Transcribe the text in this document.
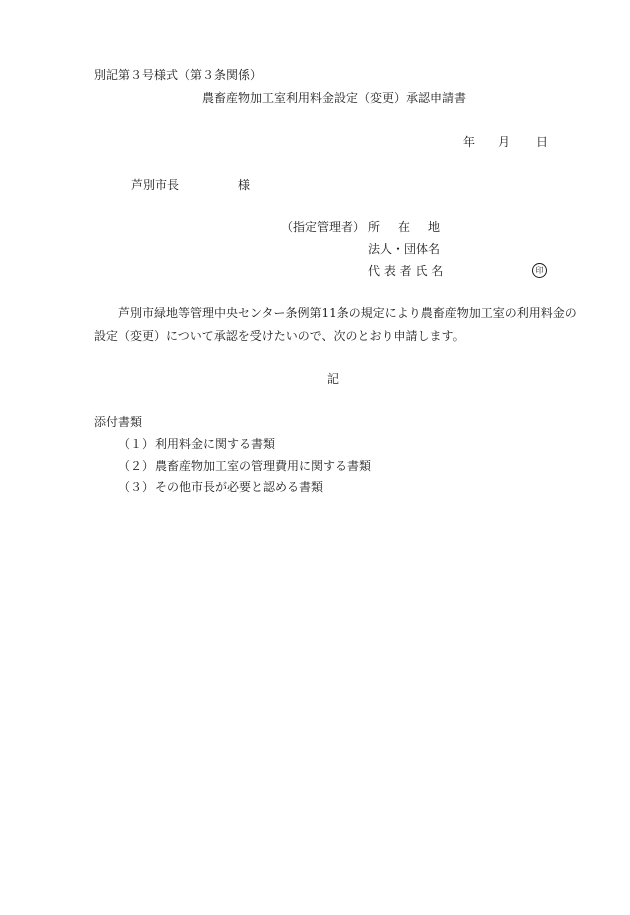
別記第３号様式（第３条関係）
農畜産物加工室利用料金設定（変更）承認申請書
年 月 日
芦別市長	様
（指定管理者） 所 在 地
法人・団体名
代 表 者 氏 名	印
芦別市緑地等管理中央センター条例第11条の規定により農畜産物加工室の利用料金の
設定（変更）について承認を受けたいので、次のとおり申請します。
記
添付書類
（１） 利用料金に関する書類
（２） 農畜産物加工室の管理費用に関する書類
（３） その他市長が必要と認める書類
